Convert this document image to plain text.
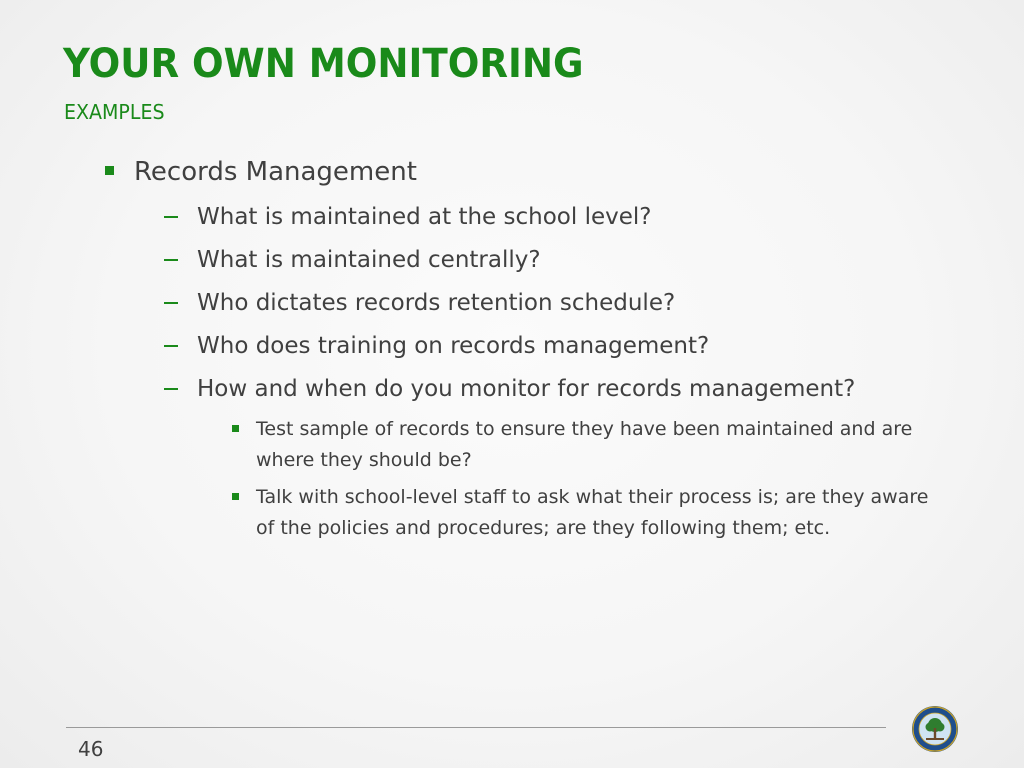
YOUR OWN MONITORING
EXAMPLES
Records Management
What is maintained at the school level?
What is maintained centrally?
Who dictates records retention schedule?
Who does training on records management?
How and when do you monitor for records management?
Test sample of records to ensure they have been maintained and are where they should be?
Talk with school-level staff to ask what their process is; are they aware of the policies and procedures; are they following them; etc.
46
